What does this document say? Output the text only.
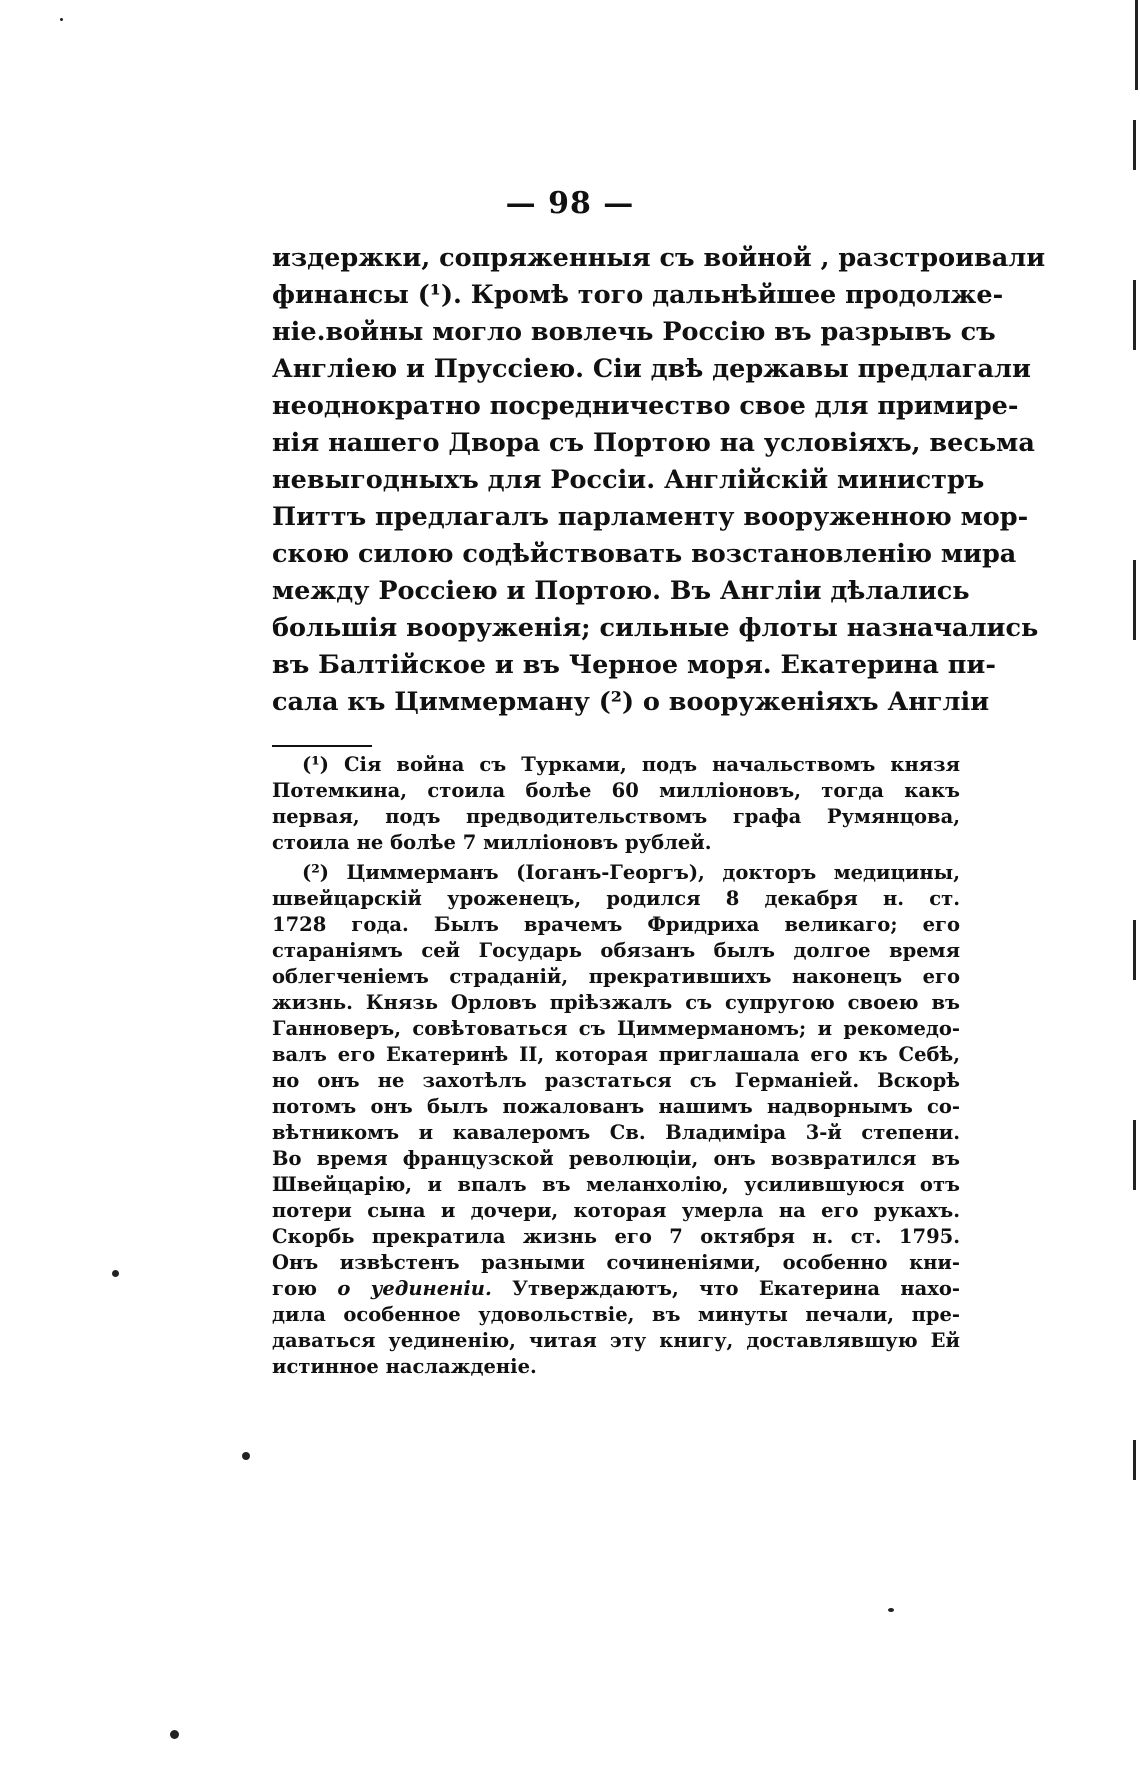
— 98 —
издержки, сопряженныя съ войной , разстроивали
финансы (¹). Кромѣ того дальнѣйшее продолже-
ніе.войны могло вовлечь Россію въ разрывъ съ
Англіею и Пруссіею. Сіи двѣ державы предлагали
неоднократно посредничество свое для примире-
нія нашего Двора съ Портою на условіяхъ, весьма
невыгодныхъ для Россіи. Англійскій министръ
Питтъ предлагалъ парламенту вооруженною мор-
скою силою содѣйствовать возстановленію мира
между Россіею и Портою. Въ Англіи дѣлались
большія вооруженія; сильные флоты назначались
въ Балтійское и въ Черное моря. Екатерина пи-
сала къ Циммерману (²) о вооруженіяхъ Англіи
(¹) Сія война съ Турками, подъ начальствомъ князя
Потемкина, стоила болѣе 60 милліоновъ, тогда какъ
первая, подъ предводительствомъ графа Румянцова,
стоила не болѣе 7 милліоновъ рублей.
(²) Циммерманъ (Іоганъ-Георгъ), докторъ медицины,
швейцарскій уроженецъ, родился 8 декабря н. ст.
1728 года. Былъ врачемъ Фридриха великаго; его
стараніямъ сей Государь обязанъ былъ долгое время
облегченіемъ страданій, прекратившихъ наконецъ его
жизнь. Князь Орловъ пріѣзжалъ съ супругою своею въ
Ганноверъ, совѣтоваться съ Циммерманомъ; и рекомедо-
валъ его Екатеринѣ II, которая приглашала его къ Себѣ,
но онъ не захотѣлъ разстаться съ Германіей. Вскорѣ
потомъ онъ былъ пожалованъ нашимъ надворнымъ со-
вѣтникомъ и кавалеромъ Св. Владиміра 3-й степени.
Во время французской революціи, онъ возвратился въ
Швейцарію, и впалъ въ меланхолію, усилившуюся отъ
потери сына и дочери, которая умерла на его рукахъ.
Скорбь прекратила жизнь его 7 октября н. ст. 1795.
Онъ извѣстенъ разными сочиненіями, особенно кни-
гою о уединеніи. Утверждаютъ, что Екатерина нахо-
дила особенное удовольствіе, въ минуты печали, пре-
даваться уединенію, читая эту книгу, доставлявшую Ей
истинное наслажденіе.
